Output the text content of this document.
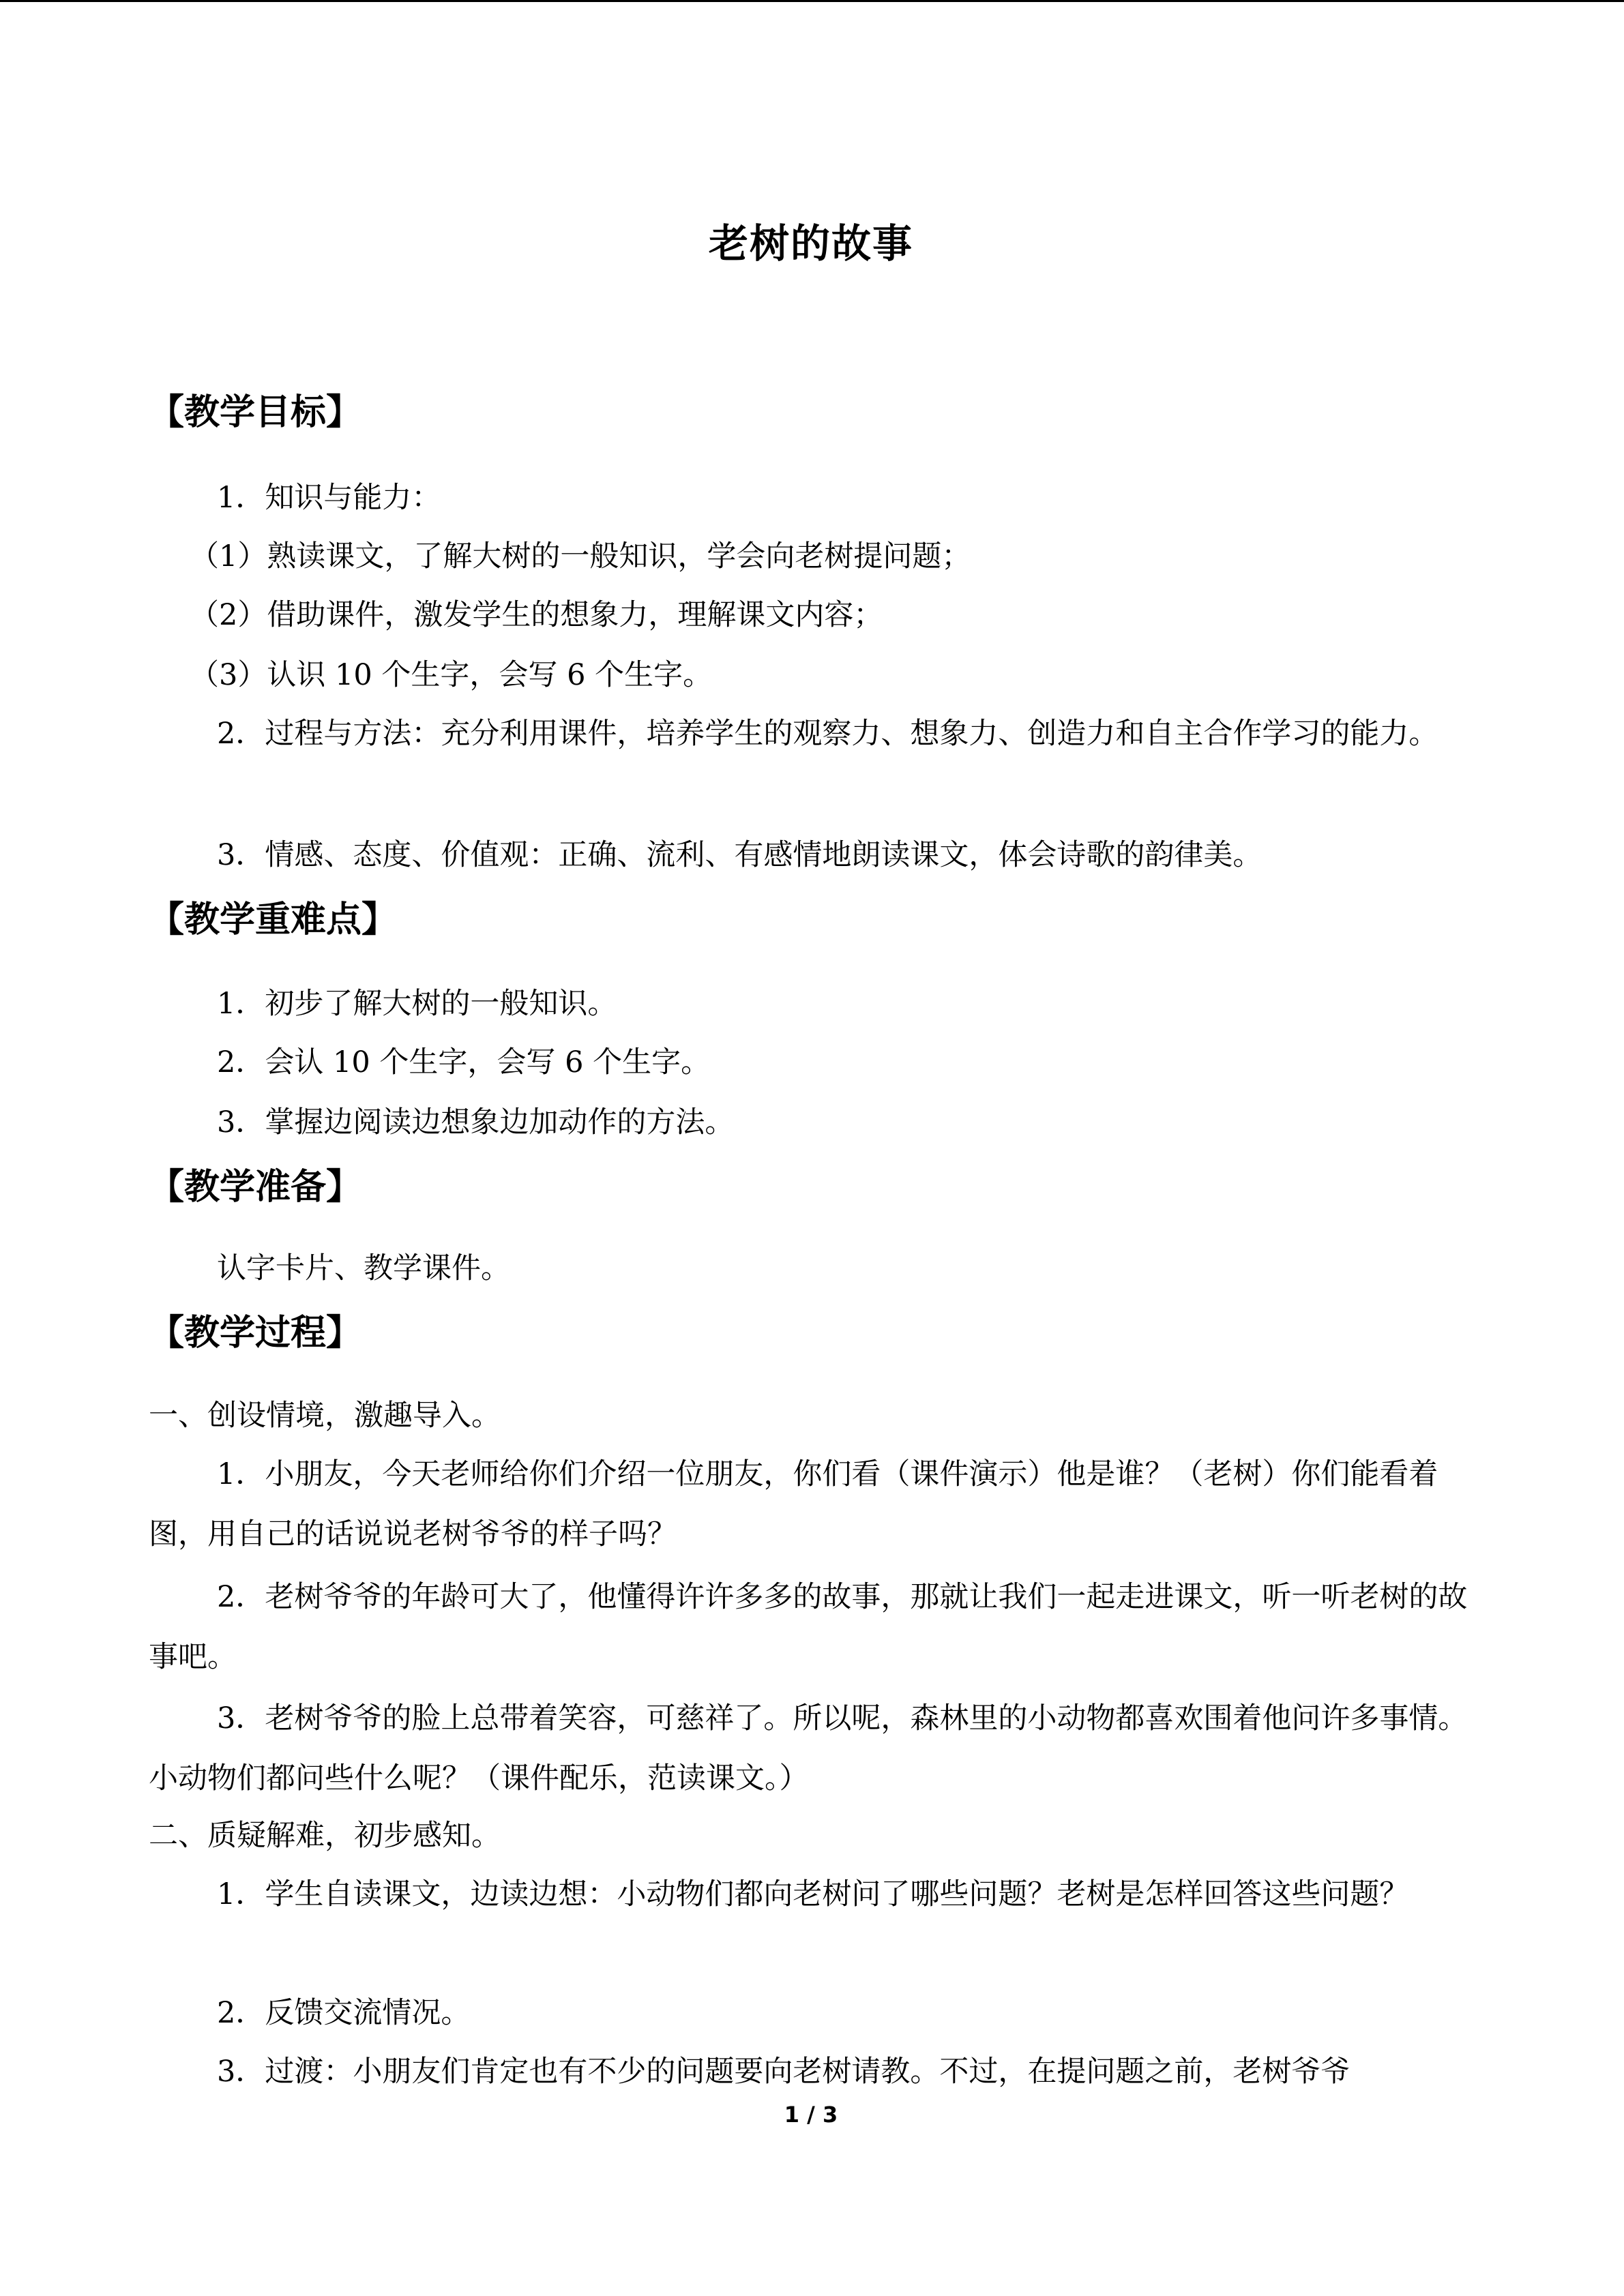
老树的故事
【教学目标】

1．知识与能力：

（1）熟读课文，了解大树的一般知识，学会向老树提问题；

（2）借助课件，激发学生的想象力，理解课文内容；

（3）认识 10 个生字，会写 6 个生字。

2．过程与方法：充分利用课件，培养学生的观察力、想象力、创造力和自主合作学习的能力。

3．情感、态度、价值观：正确、流利、有感情地朗读课文，体会诗歌的韵律美。

【教学重难点】

1．初步了解大树的一般知识。

2．会认 10 个生字，会写 6 个生字。

3．掌握边阅读边想象边加动作的方法。

【教学准备】

认字卡片、教学课件。

【教学过程】

一、创设情境，激趣导入。

1．小朋友，今天老师给你们介绍一位朋友，你们看（课件演示）他是谁？（老树）你们能看着图，用自己的话说说老树爷爷的样子吗？

2．老树爷爷的年龄可大了，他懂得许许多多的故事，那就让我们一起走进课文，听一听老树的故事吧。

3．老树爷爷的脸上总带着笑容，可慈祥了。所以呢，森林里的小动物都喜欢围着他问许多事情。小动物们都问些什么呢？（课件配乐，范读课文。）

二、质疑解难，初步感知。

1．学生自读课文，边读边想：小动物们都向老树问了哪些问题？老树是怎样回答这些问题？

2．反馈交流情况。

3．过渡：小朋友们肯定也有不少的问题要向老树请教。不过，在提问题之前，老树爷爷

1 / 3
